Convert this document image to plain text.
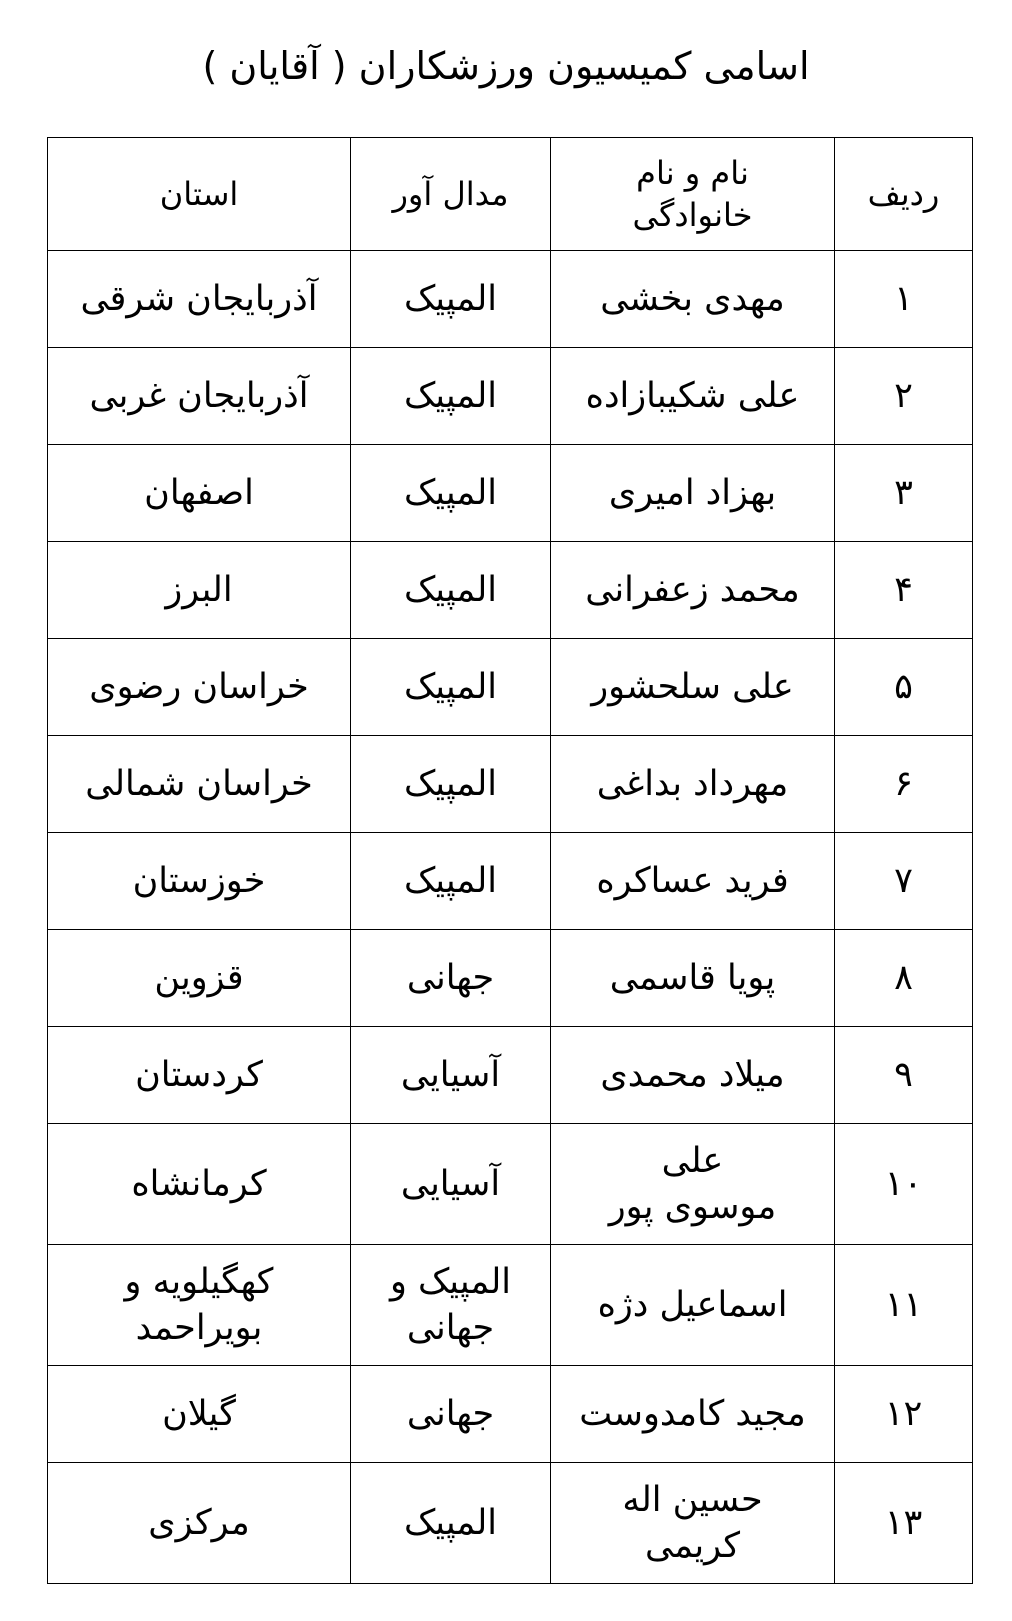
اسامی کمیسیون ورزشکاران ( آقایان )
ردیف	نام و نام خانوادگی	مدال آور	استان
۱	مهدی بخشی	المپیک	آذربایجان شرقی
۲	علی شکیبازاده	المپیک	آذربایجان غربی
۳	بهزاد امیری	المپیک	اصفهان
۴	محمد زعفرانی	المپیک	البرز
۵	علی سلحشور	المپیک	خراسان رضوی
۶	مهرداد بداغی	المپیک	خراسان شمالی
۷	فرید عساکره	المپیک	خوزستان
۸	پویا قاسمی	جهانی	قزوین
۹	میلاد محمدی	آسیایی	کردستان
۱۰	علی موسوی پور	آسیایی	کرمانشاه
۱۱	اسماعیل دژه	المپیک و جهانی	کهگیلویه و بویراحمد
۱۲	مجید کامدوست	جهانی	گیلان
۱۳	حسین اله کریمی	المپیک	مرکزی
